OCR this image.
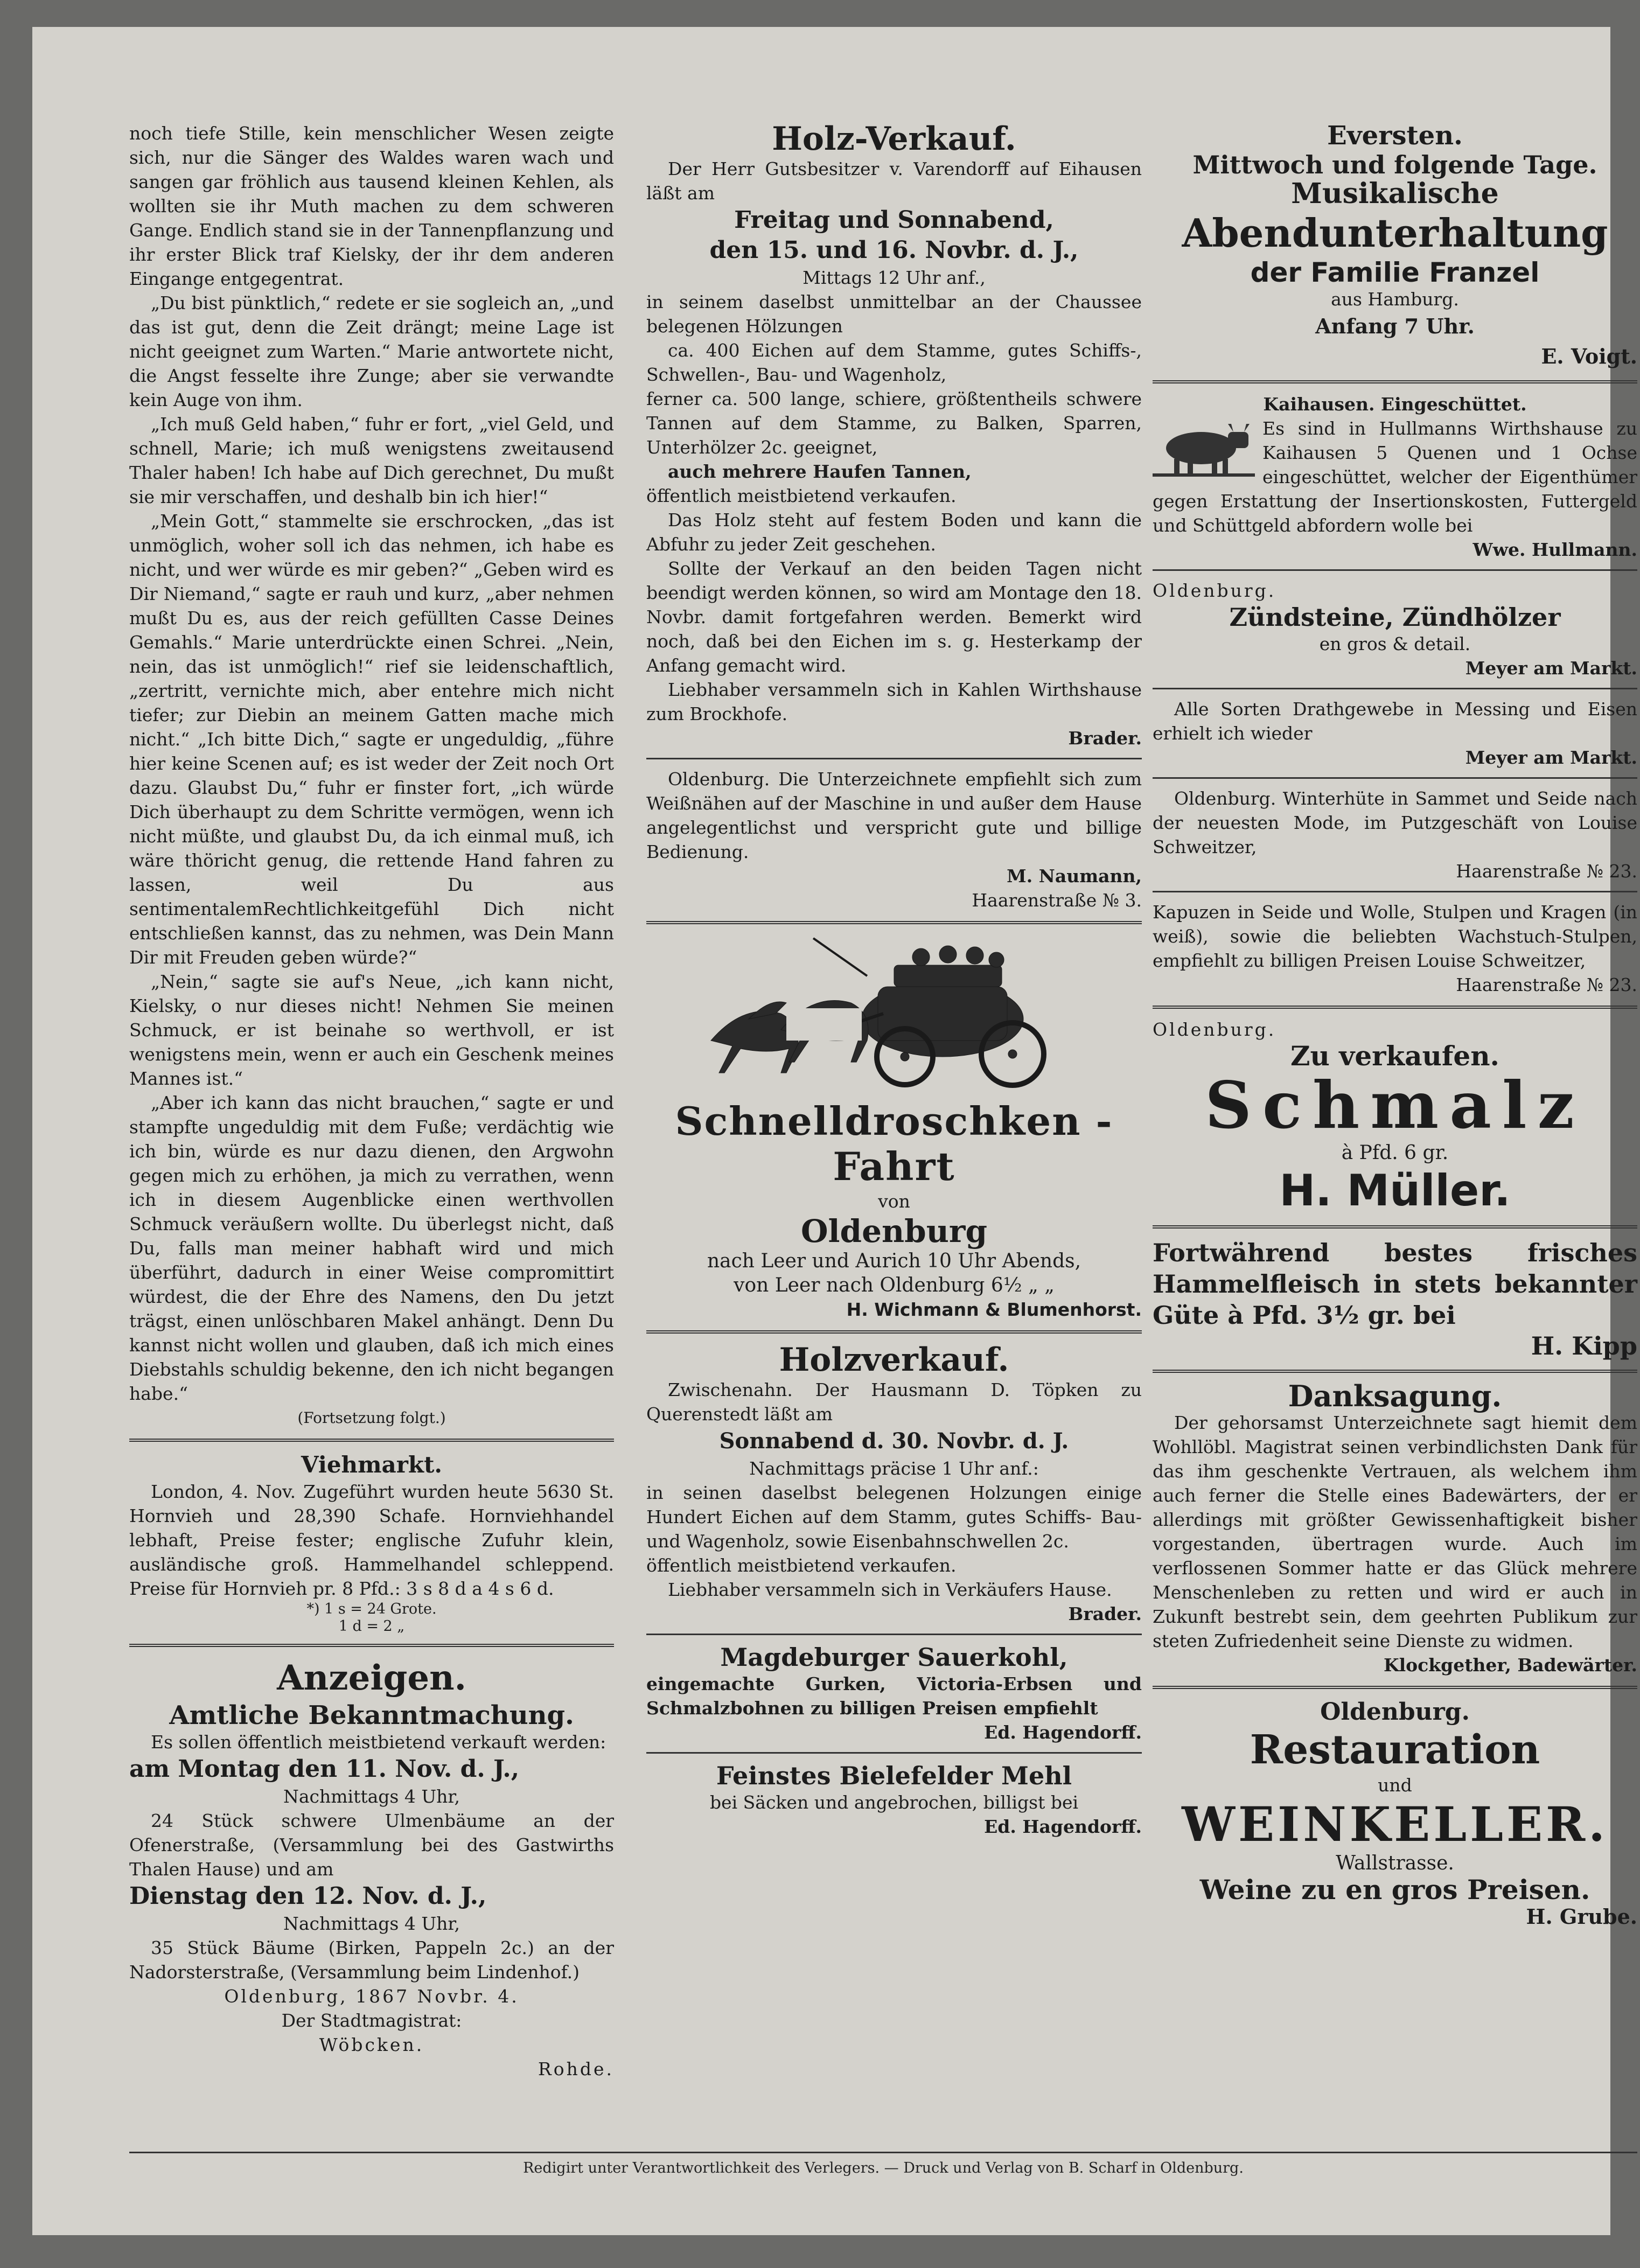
noch tiefe Stille, kein menschlicher Wesen zeigte sich, nur die Sänger des Waldes waren wach und sangen gar fröhlich aus tausend kleinen Kehlen, als wollten sie ihr Muth machen zu dem schweren Gange. Endlich stand sie in der Tannenpflanzung und ihr erster Blick traf Kielsky, der ihr dem anderen Eingange entgegentrat.

„Du bist pünktlich,“ redete er sie sogleich an, „und das ist gut, denn die Zeit drängt; meine Lage ist nicht geeignet zum Warten.“ Marie antwortete nicht, die Angst fesselte ihre Zunge; aber sie verwandte kein Auge von ihm.

„Ich muß Geld haben,“ fuhr er fort, „viel Geld, und schnell, Marie; ich muß wenigstens zweitausend Thaler haben! Ich habe auf Dich gerechnet, Du mußt sie mir verschaffen, und deshalb bin ich hier!“

„Mein Gott,“ stammelte sie erschrocken, „das ist unmöglich, woher soll ich das nehmen, ich habe es nicht, und wer würde es mir geben?“ „Geben wird es Dir Niemand,“ sagte er rauh und kurz, „aber nehmen mußt Du es, aus der reich gefüllten Casse Deines Gemahls.“ Marie unterdrückte einen Schrei. „Nein, nein, das ist unmöglich!“ rief sie leidenschaftlich, „zertritt, vernichte mich, aber entehre mich nicht tiefer; zur Diebin an meinem Gatten mache mich nicht.“ „Ich bitte Dich,“ sagte er ungeduldig, „führe hier keine Scenen auf; es ist weder der Zeit noch Ort dazu. Glaubst Du,“ fuhr er finster fort, „ich würde Dich überhaupt zu dem Schritte vermögen, wenn ich nicht müßte, und glaubst Du, da ich einmal muß, ich wäre thöricht genug, die rettende Hand fahren zu lassen, weil Du aus sentimentalemRechtlichkeitgefühl Dich nicht entschließen kannst, das zu nehmen, was Dein Mann Dir mit Freuden geben würde?“

„Nein,“ sagte sie auf's Neue, „ich kann nicht, Kielsky, o nur dieses nicht! Nehmen Sie meinen Schmuck, er ist beinahe so werthvoll, er ist wenigstens mein, wenn er auch ein Geschenk meines Mannes ist.“

„Aber ich kann das nicht brauchen,“ sagte er und stampfte ungeduldig mit dem Fuße; verdächtig wie ich bin, würde es nur dazu dienen, den Argwohn gegen mich zu erhöhen, ja mich zu verrathen, wenn ich in diesem Augenblicke einen werthvollen Schmuck veräußern wollte. Du überlegst nicht, daß Du, falls man meiner habhaft wird und mich überführt, dadurch in einer Weise compromittirt würdest, die der Ehre des Namens, den Du jetzt trägst, einen unlöschbaren Makel anhängt. Denn Du kannst nicht wollen und glauben, daß ich mich eines Diebstahls schuldig bekenne, den ich nicht begangen habe.“

(Fortsetzung folgt.)

Viehmarkt.

London, 4. Nov. Zugeführt wurden heute 5630 St. Hornvieh und 28,390 Schafe. Hornviehhandel lebhaft, Preise fester; englische Zufuhr klein, ausländische groß. Hammelhandel schleppend. Preise für Hornvieh pr. 8 Pfd.: 3 s 8 d a 4 s 6 d.

*) 1 s = 24 Grote.

1 d = 2 „

Anzeigen.
Amtliche Bekanntmachung.

Es sollen öffentlich meistbietend verkauft werden:

am Montag den 11. Nov. d. J.,

Nachmittags 4 Uhr,

24 Stück schwere Ulmenbäume an der Ofenerstraße, (Versammlung bei des Gastwirths Thalen Hause) und am

Dienstag den 12. Nov. d. J.,

Nachmittags 4 Uhr,

35 Stück Bäume (Birken, Pappeln 2c.) an der Nadorsterstraße, (Versammlung beim Lindenhof.)

Oldenburg, 1867 Novbr. 4.

Der Stadtmagistrat:

Wöbcken.

Rohde.

Holz-Verkauf.

Der Herr Gutsbesitzer v. Varendorff auf Eihausen läßt am

Freitag und Sonnabend,

den 15. und 16. Novbr. d. J.,

Mittags 12 Uhr anf.,

in seinem daselbst unmittelbar an der Chaussee belegenen Hölzungen

ca. 400 Eichen auf dem Stamme, gutes Schiffs-, Schwellen-, Bau- und Wagenholz,

ferner ca. 500 lange, schiere, größtentheils schwere Tannen auf dem Stamme, zu Balken, Sparren, Unterhölzer 2c. geeignet,

auch mehrere Haufen Tannen,

öffentlich meistbietend verkaufen.

Das Holz steht auf festem Boden und kann die Abfuhr zu jeder Zeit geschehen.

Sollte der Verkauf an den beiden Tagen nicht beendigt werden können, so wird am Montage den 18. Novbr. damit fortgefahren werden. Bemerkt wird noch, daß bei den Eichen im s. g. Hesterkamp der Anfang gemacht wird.

Liebhaber versammeln sich in Kahlen Wirthshause zum Brockhofe.

Brader.

Oldenburg. Die Unterzeichnete empfiehlt sich zum Weißnähen auf der Maschine in und außer dem Hause angelegentlichst und verspricht gute und billige Bedienung.

M. Naumann,

Haarenstraße № 3.

Schnelldroschken - Fahrt

von

Oldenburg

nach Leer und Aurich 10 Uhr Abends,

von Leer nach Oldenburg 6½ „ „

H. Wichmann & Blumenhorst.

Holzverkauf.

Zwischenahn. Der Hausmann D. Töpken zu Querenstedt läßt am

Sonnabend d. 30. Novbr. d. J.

Nachmittags präcise 1 Uhr anf.:

in seinen daselbst belegenen Holzungen einige Hundert Eichen auf dem Stamm, gutes Schiffs- Bau- und Wagenholz, sowie Eisenbahnschwellen 2c.

öffentlich meistbietend verkaufen.

Liebhaber versammeln sich in Verkäufers Hause.

Brader.

Magdeburger Sauerkohl,

eingemachte Gurken, Victoria-Erbsen und Schmalzbohnen zu billigen Preisen empfiehlt

Ed. Hagendorff.

Feinstes Bielefelder Mehl

bei Säcken und angebrochen, billigst bei

Ed. Hagendorff.

Eversten.
Mittwoch und folgende Tage.
Musikalische
Abendunterhaltung
der Familie Franzel

aus Hamburg.

Anfang 7 Uhr.

E. Voigt.

Kaihausen. Eingeschüttet.

Es sind in Hullmanns Wirthshause zu Kaihausen 5 Quenen und 1 Ochse eingeschüttet, welcher der Eigenthümer gegen Erstattung der Insertionskosten, Futtergeld und Schüttgeld abfordern wolle bei

Wwe. Hullmann.

Oldenburg.

Zündsteine, Zündhölzer

en gros & detail.

Meyer am Markt.

Alle Sorten Drathgewebe in Messing und Eisen erhielt ich wieder

Meyer am Markt.

Oldenburg. Winterhüte in Sammet und Seide nach der neuesten Mode, im Putzgeschäft von Louise Schweitzer,

Haarenstraße № 23.

Kapuzen in Seide und Wolle, Stulpen und Kragen (in weiß), sowie die beliebten Wachstuch-Stulpen, empfiehlt zu billigen Preisen Louise Schweitzer,

Haarenstraße № 23.

Oldenburg.

Zu verkaufen.
Schmalz

à Pfd. 6 gr.

H. Müller.

Fortwährend bestes frisches Hammelfleisch in stets bekannter Güte à Pfd. 3½ gr. bei

H. Kipp

Danksagung.

Der gehorsamst Unterzeichnete sagt hiemit dem Wohllöbl. Magistrat seinen verbindlichsten Dank für das ihm geschenkte Vertrauen, als welchem ihm auch ferner die Stelle eines Badewärters, der er allerdings mit größter Gewissenhaftigkeit bisher vorgestanden, übertragen wurde. Auch im verflossenen Sommer hatte er das Glück mehrere Menschenleben zu retten und wird er auch in Zukunft bestrebt sein, dem geehrten Publikum zur steten Zufriedenheit seine Dienste zu widmen.

Klockgether, Badewärter.

Oldenburg.
Restauration

und

WEINKELLER.

Wallstrasse.

Weine zu en gros Preisen.

H. Grube.

Redigirt unter Verantwortlichkeit des Verlegers. — Druck und Verlag von B. Scharf in Oldenburg.
